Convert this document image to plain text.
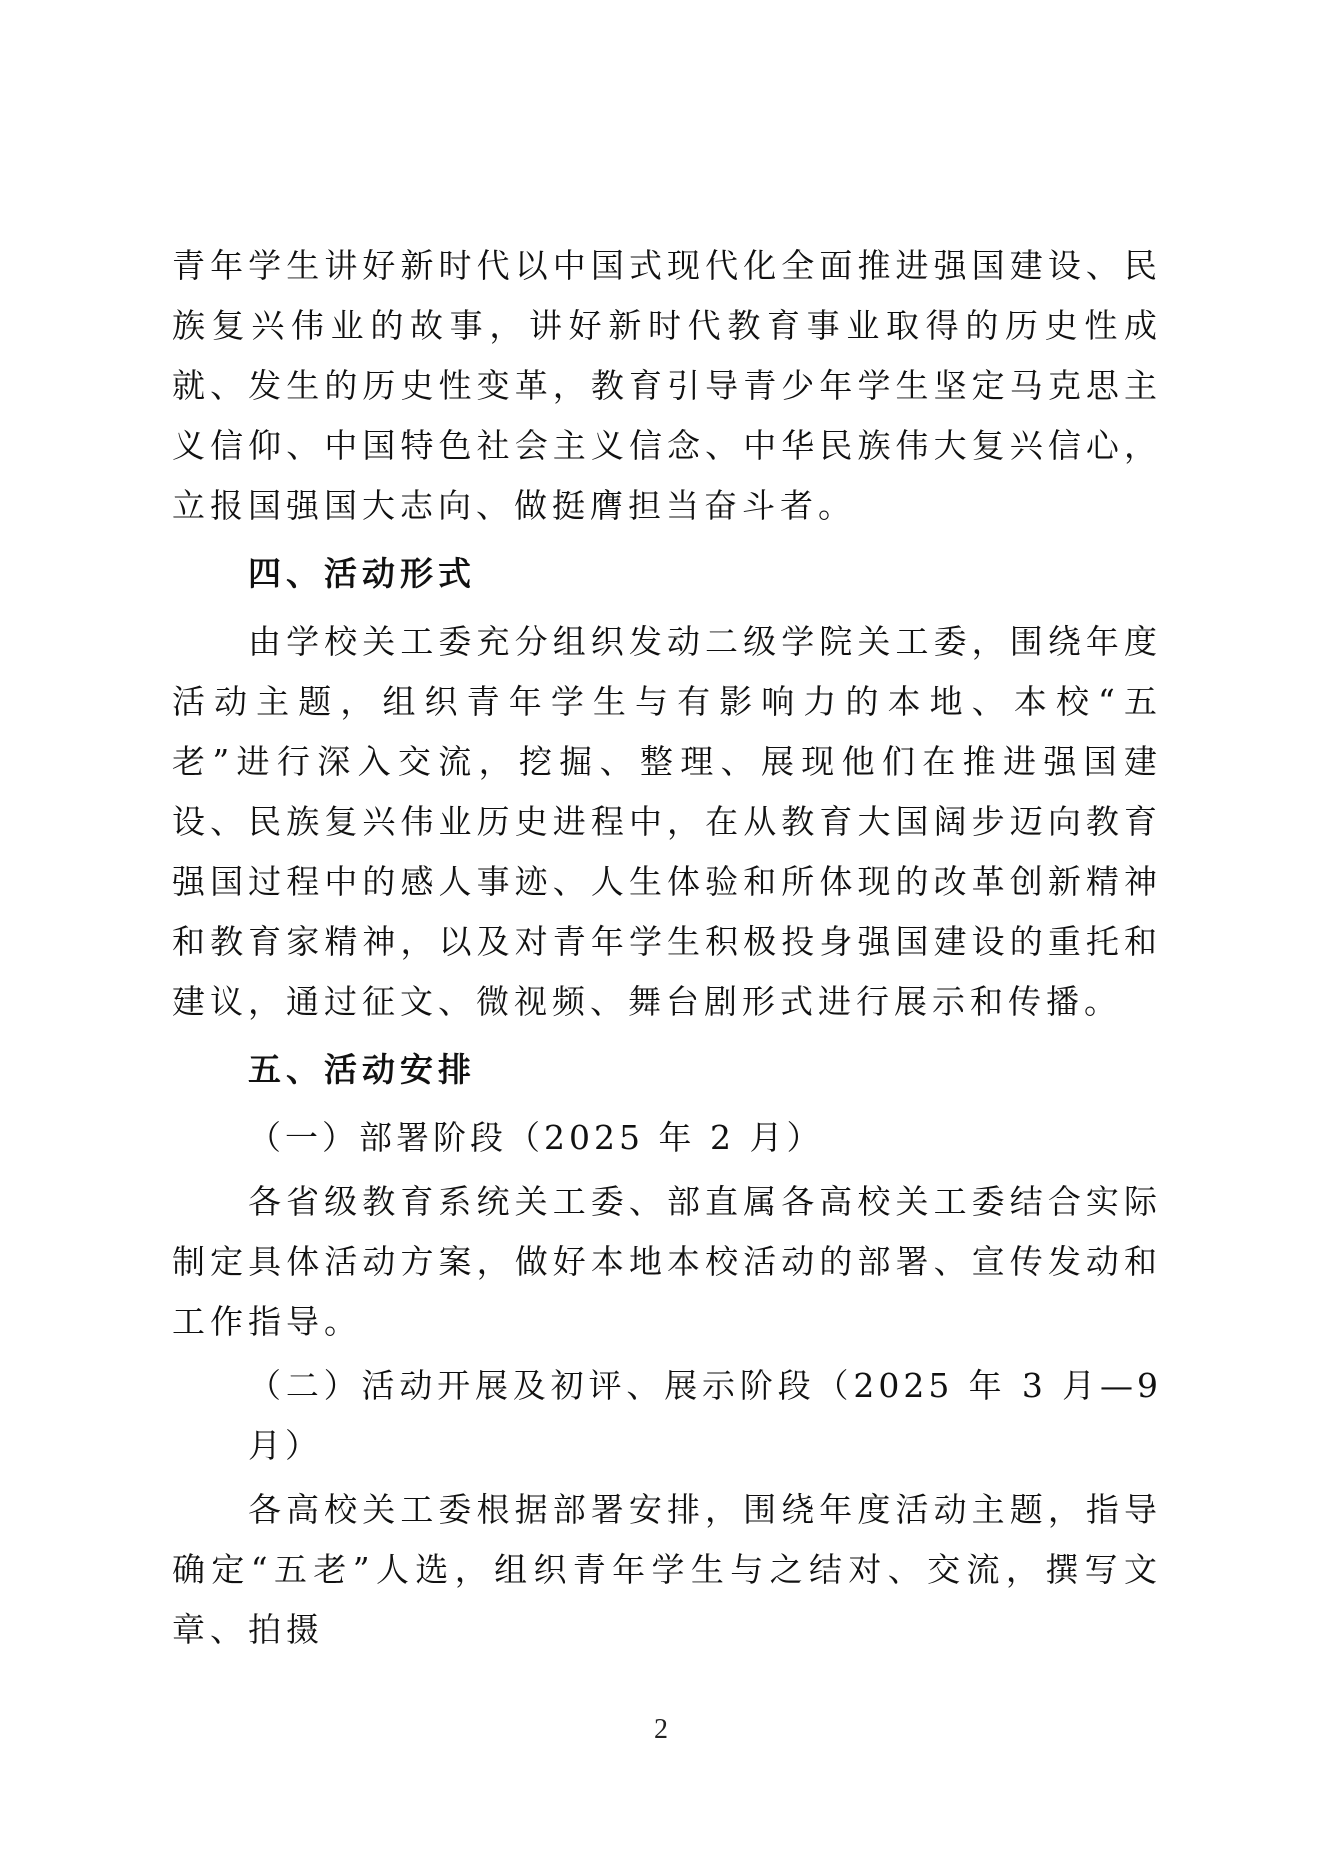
青年学生讲好新时代以中国式现代化全面推进强国建设、民族复兴伟业的故事，讲好新时代教育事业取得的历史性成就、发生的历史性变革，教育引导青少年学生坚定马克思主义信仰、中国特色社会主义信念、中华民族伟大复兴信心，立报国强国大志向、做挺膺担当奋斗者。

四、活动形式

由学校关工委充分组织发动二级学院关工委，围绕年度活动主题，组织青年学生与有影响力的本地、本校“五老”进行深入交流，挖掘、整理、展现他们在推进强国建设、民族复兴伟业历史进程中，在从教育大国阔步迈向教育强国过程中的感人事迹、人生体验和所体现的改革创新精神和教育家精神，以及对青年学生积极投身强国建设的重托和建议，通过征文、微视频、舞台剧形式进行展示和传播。

五、活动安排

（一）部署阶段（2025 年 2 月）

各省级教育系统关工委、部直属各高校关工委结合实际制定具体活动方案，做好本地本校活动的部署、宣传发动和工作指导。

（二）活动开展及初评、展示阶段（2025 年 3 月—9 月）

各高校关工委根据部署安排，围绕年度活动主题，指导确定“五老”人选，组织青年学生与之结对、交流，撰写文章、拍摄

2
